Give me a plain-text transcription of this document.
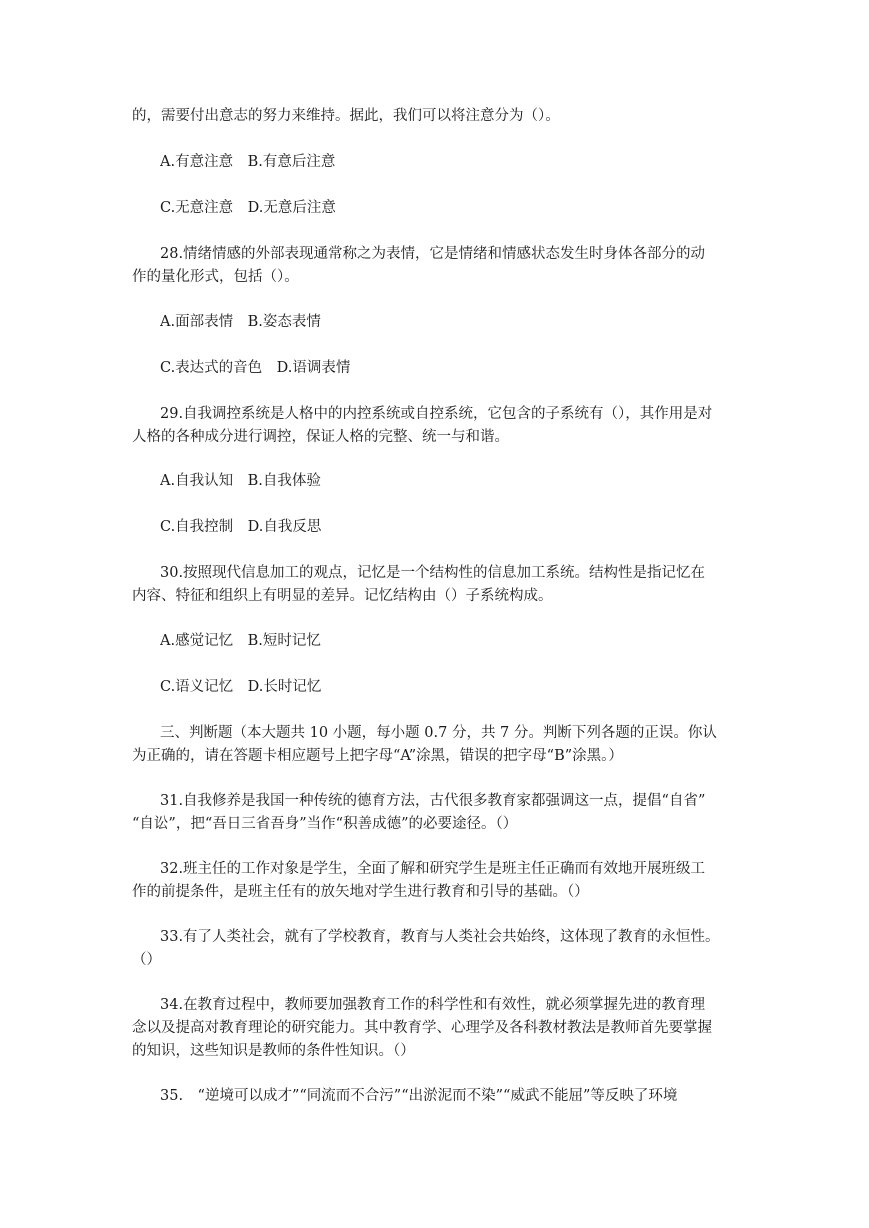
的，需要付出意志的努力来维持。据此，我们可以将注意分为（）。
A.有意注意　B.有意后注意
C.无意注意　D.无意后注意
28.情绪情感的外部表现通常称之为表情，它是情绪和情感状态发生时身体各部分的动
作的量化形式，包括（）。
A.面部表情　B.姿态表情
C.表达式的音色　D.语调表情
29.自我调控系统是人格中的内控系统或自控系统，它包含的子系统有（），其作用是对
人格的各种成分进行调控，保证人格的完整、统一与和谐。
A.自我认知　B.自我体验
C.自我控制　D.自我反思
30.按照现代信息加工的观点，记忆是一个结构性的信息加工系统。结构性是指记忆在
内容、特征和组织上有明显的差异。记忆结构由（）子系统构成。
A.感觉记忆　B.短时记忆
C.语义记忆　D.长时记忆
三、判断题（本大题共 10 小题，每小题 0.7 分，共 7 分。判断下列各题的正误。你认
为正确的，请在答题卡相应题号上把字母“A”涂黑，错误的把字母“B”涂黑。）
31.自我修养是我国一种传统的德育方法，古代很多教育家都强调这一点，提倡“自省”
“自讼”，把“吾日三省吾身”当作“积善成德”的必要途径。（）
32.班主任的工作对象是学生，全面了解和研究学生是班主任正确而有效地开展班级工
作的前提条件，是班主任有的放矢地对学生进行教育和引导的基础。（）
33.有了人类社会，就有了学校教育，教育与人类社会共始终，这体现了教育的永恒性。
（）
34.在教育过程中，教师要加强教育工作的科学性和有效性，就必须掌握先进的教育理
念以及提高对教育理论的研究能力。其中教育学、心理学及各科教材教法是教师首先要掌握
的知识，这些知识是教师的条件性知识。（）
35.　“逆境可以成才”“同流而不合污”“出淤泥而不染”“威武不能屈”等反映了环境
